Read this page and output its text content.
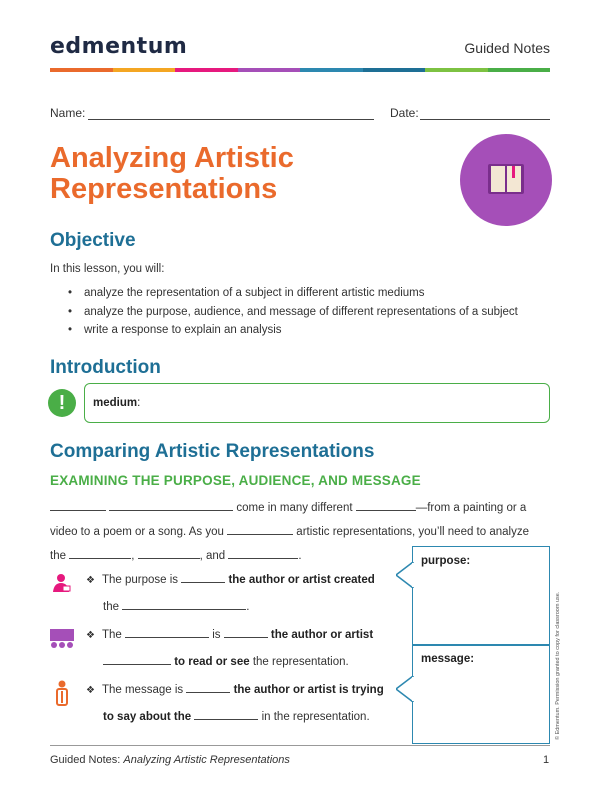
edmentum	Guided Notes
Name:	Date:
Analyzing Artistic
Representations
Objective
In this lesson, you will:
• analyze the representation of a subject in different artistic mediums
• analyze the purpose, audience, and message of different representations of a subject
• write a response to explain an analysis
Introduction
!	medium:
Comparing Artistic Representations
EXAMINING THE PURPOSE, AUDIENCE, AND MESSAGE
come in many different	—from a painting or a
video to a poem or a song. As you	artistic representations, you’ll need to analyze
the	,	, and	.
❖ The purpose is	the author or artist created
the	.
❖ The	is	the author or artist
to read or see the representation.
❖ The message is	the author or artist is trying
to say about the	in the representation.
purpose:
message:	© Edmentum. Permission granted to copy for classroom use.
Guided Notes: Analyzing Artistic Representations	1
